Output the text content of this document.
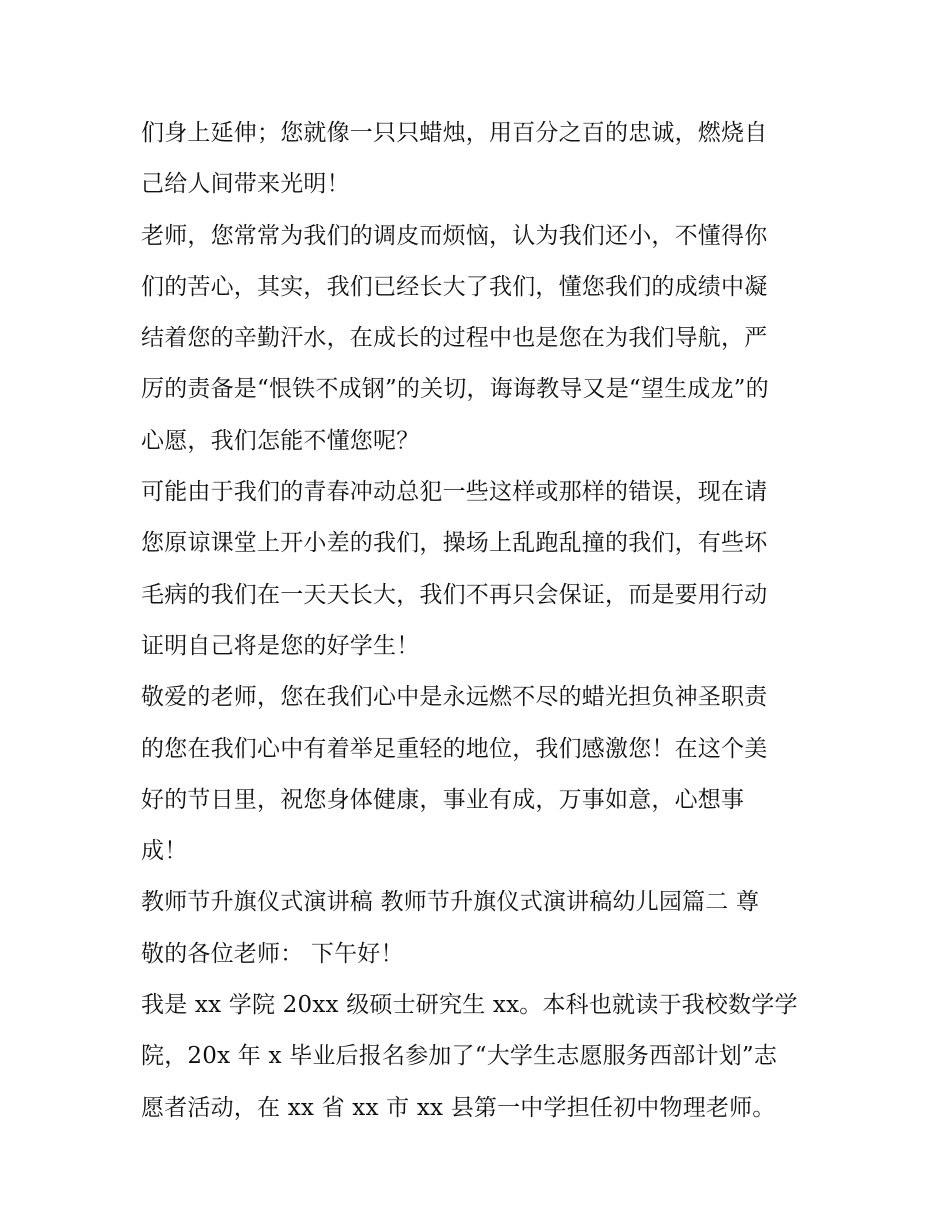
们身上延伸；您就像一只只蜡烛，用百分之百的忠诚，燃烧自
己给人间带来光明！
老师，您常常为我们的调皮而烦恼，认为我们还小，不懂得你
们的苦心，其实，我们已经长大了我们，懂您我们的成绩中凝
结着您的辛勤汗水，在成长的过程中也是您在为我们导航，严
厉的责备是“恨铁不成钢”的关切，诲诲教导又是“望生成龙”的
心愿，我们怎能不懂您呢？
可能由于我们的青春冲动总犯一些这样或那样的错误，现在请
您原谅课堂上开小差的我们，操场上乱跑乱撞的我们，有些坏
毛病的我们在一天天长大，我们不再只会保证，而是要用行动
证明自己将是您的好学生！
敬爱的老师，您在我们心中是永远燃不尽的蜡光担负神圣职责
的您在我们心中有着举足重轻的地位，我们感激您！在这个美
好的节日里，祝您身体健康，事业有成，万事如意，心想事
成！
教师节升旗仪式演讲稿 教师节升旗仪式演讲稿幼儿园篇二 尊
敬的各位老师： 下午好！
我是 xx 学院 20xx 级硕士研究生 xx。本科也就读于我校数学学
院，20x 年 x 毕业后报名参加了“大学生志愿服务西部计划”志
愿者活动，在 xx 省 xx 市 xx 县第一中学担任初中物理老师。
